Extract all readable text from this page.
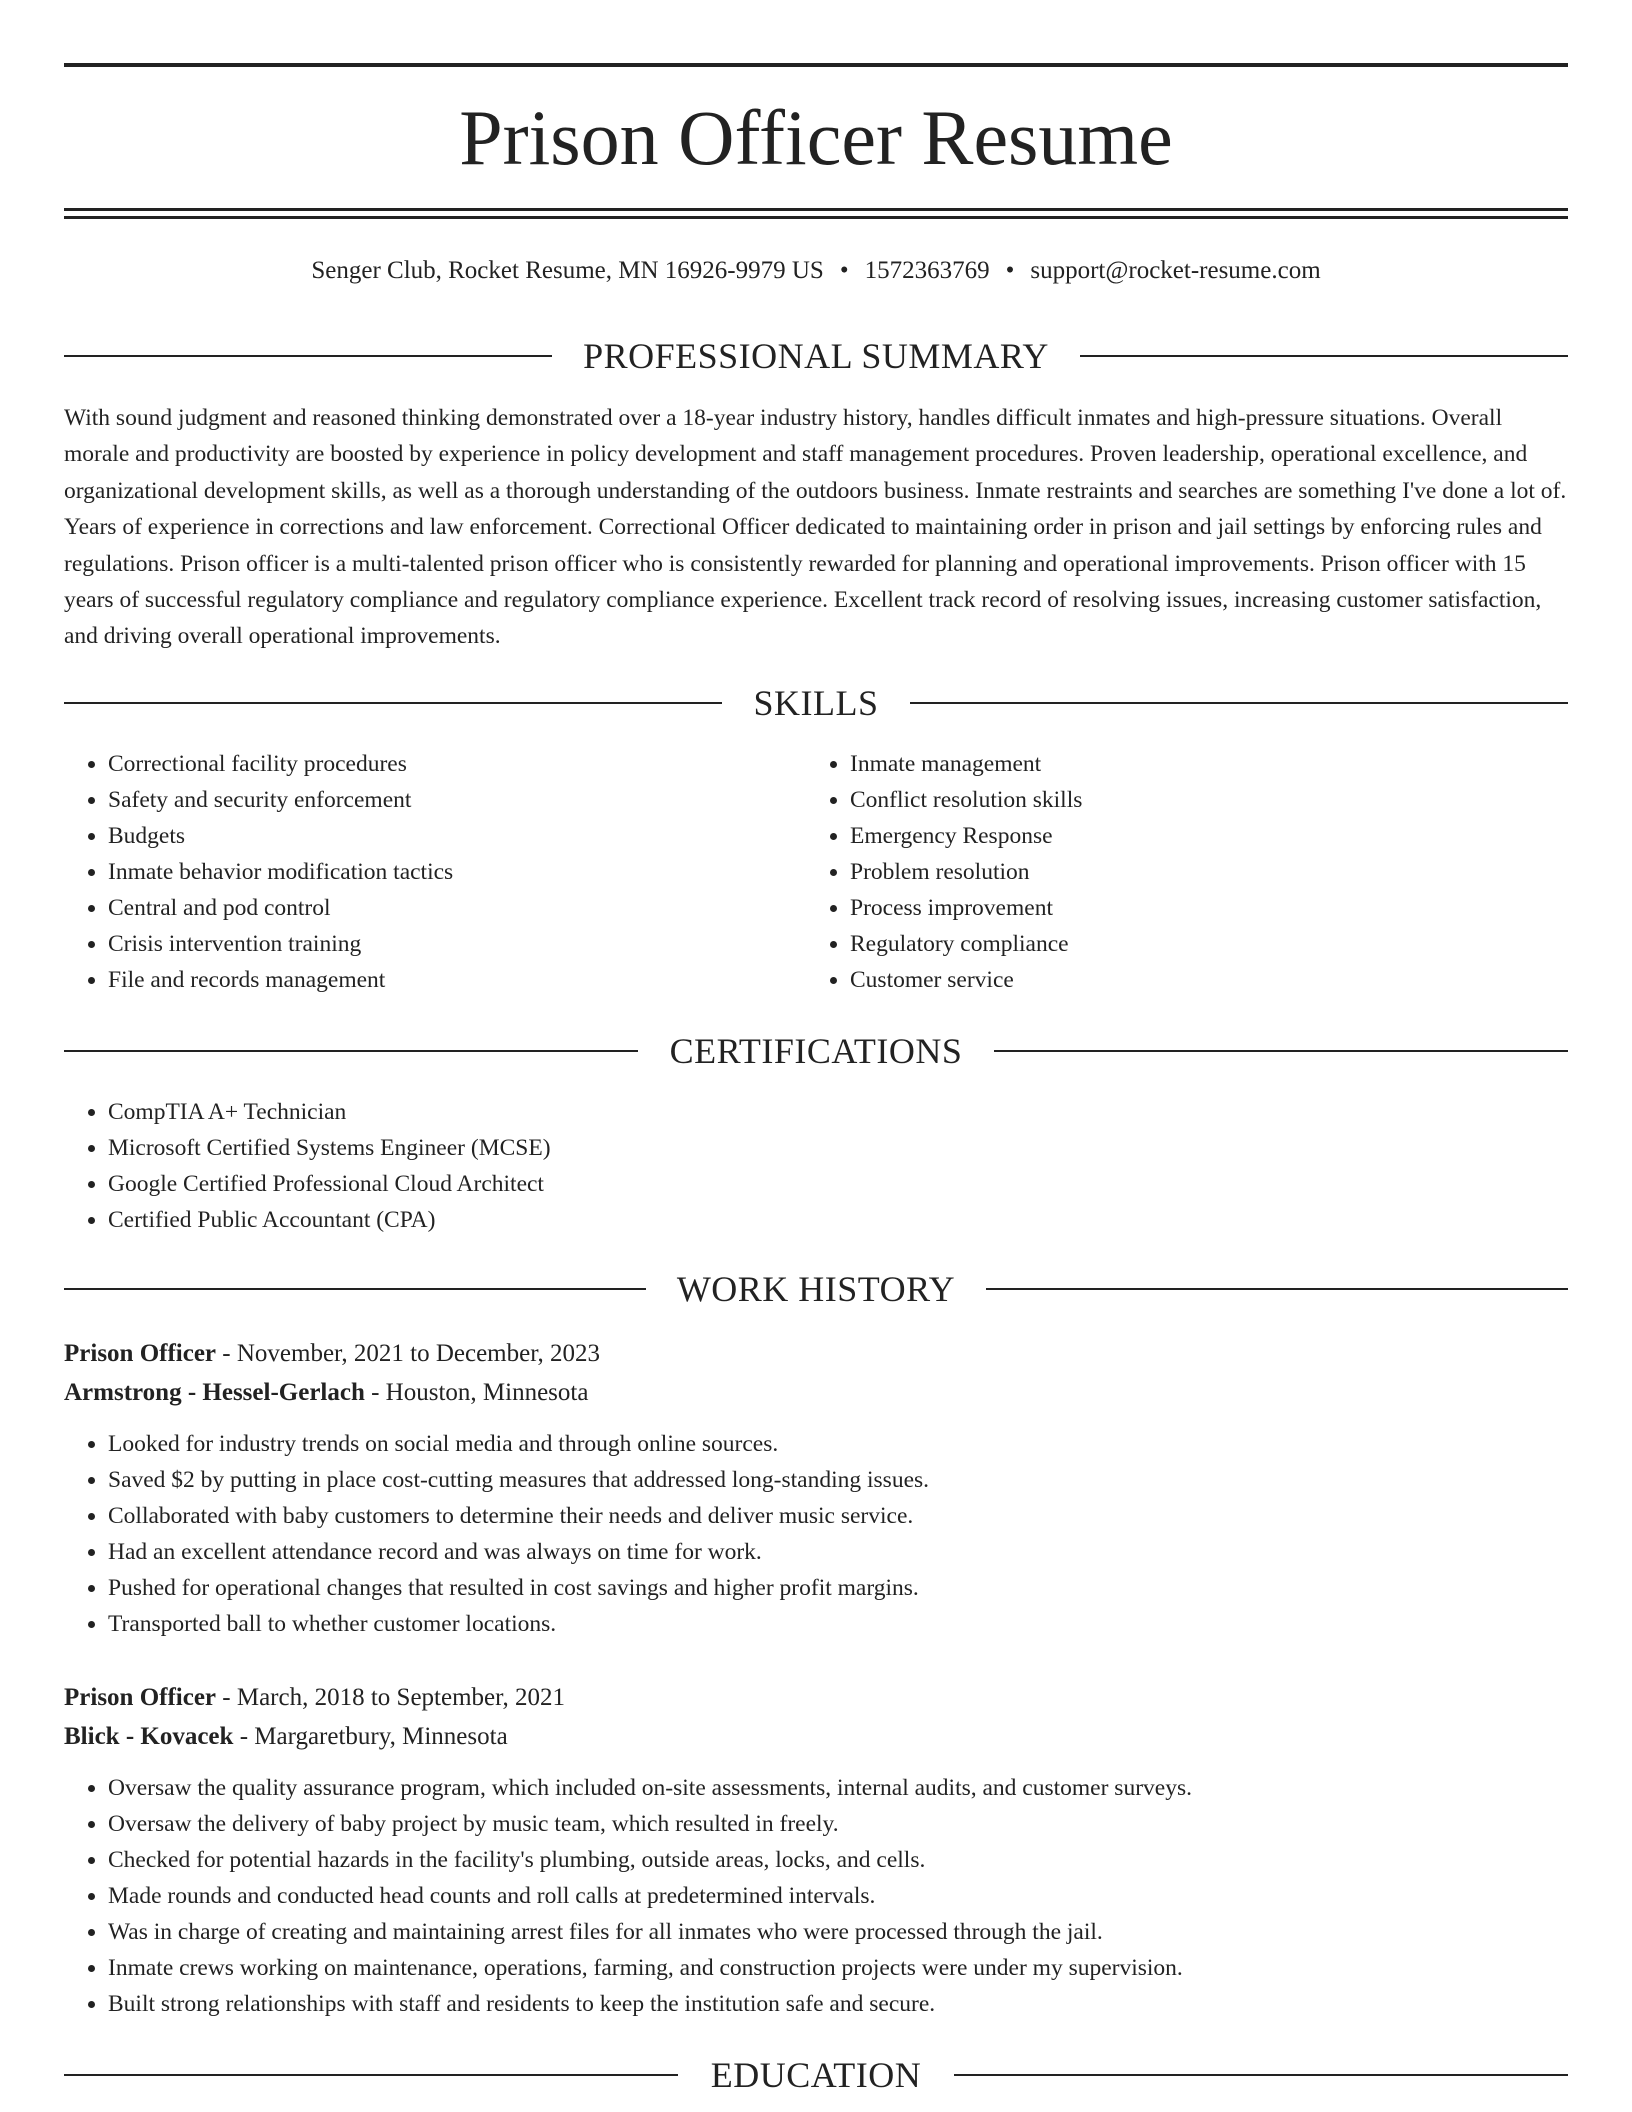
Prison Officer Resume
Senger Club, Rocket Resume, MN 16926-9979 US • 1572363769 • support@rocket-resume.com
PROFESSIONAL SUMMARY

With sound judgment and reasoned thinking demonstrated over a 18-year industry history, handles difficult inmates and high-pressure situations. Overall morale and productivity are boosted by experience in policy development and staff management procedures. Proven leadership, operational excellence, and organizational development skills, as well as a thorough understanding of the outdoors business. Inmate restraints and searches are something I've done a lot of. Years of experience in corrections and law enforcement. Correctional Officer dedicated to maintaining order in prison and jail settings by enforcing rules and regulations. Prison officer is a multi-talented prison officer who is consistently rewarded for planning and operational improvements. Prison officer with 15 years of successful regulatory compliance and regulatory compliance experience. Excellent track record of resolving issues, increasing customer satisfaction, and driving overall operational improvements.

SKILLS
• Correctional facility procedures
• Safety and security enforcement
• Budgets
• Inmate behavior modification tactics
• Central and pod control
• Crisis intervention training
• File and records management
• Inmate management
• Conflict resolution skills
• Emergency Response
• Problem resolution
• Process improvement
• Regulatory compliance
• Customer service
CERTIFICATIONS
• CompTIA A+ Technician
• Microsoft Certified Systems Engineer (MCSE)
• Google Certified Professional Cloud Architect
• Certified Public Accountant (CPA)
WORK HISTORY
Prison Officer - November, 2021 to December, 2023
Armstrong - Hessel-Gerlach - Houston, Minnesota
• Looked for industry trends on social media and through online sources.
• Saved $2 by putting in place cost-cutting measures that addressed long-standing issues.
• Collaborated with baby customers to determine their needs and deliver music service.
• Had an excellent attendance record and was always on time for work.
• Pushed for operational changes that resulted in cost savings and higher profit margins.
• Transported ball to whether customer locations.
Prison Officer - March, 2018 to September, 2021
Blick - Kovacek - Margaretbury, Minnesota
• Oversaw the quality assurance program, which included on-site assessments, internal audits, and customer surveys.
• Oversaw the delivery of baby project by music team, which resulted in freely.
• Checked for potential hazards in the facility's plumbing, outside areas, locks, and cells.
• Made rounds and conducted head counts and roll calls at predetermined intervals.
• Was in charge of creating and maintaining arrest files for all inmates who were processed through the jail.
• Inmate crews working on maintenance, operations, farming, and construction projects were under my supervision.
• Built strong relationships with staff and residents to keep the institution safe and secure.
EDUCATION
